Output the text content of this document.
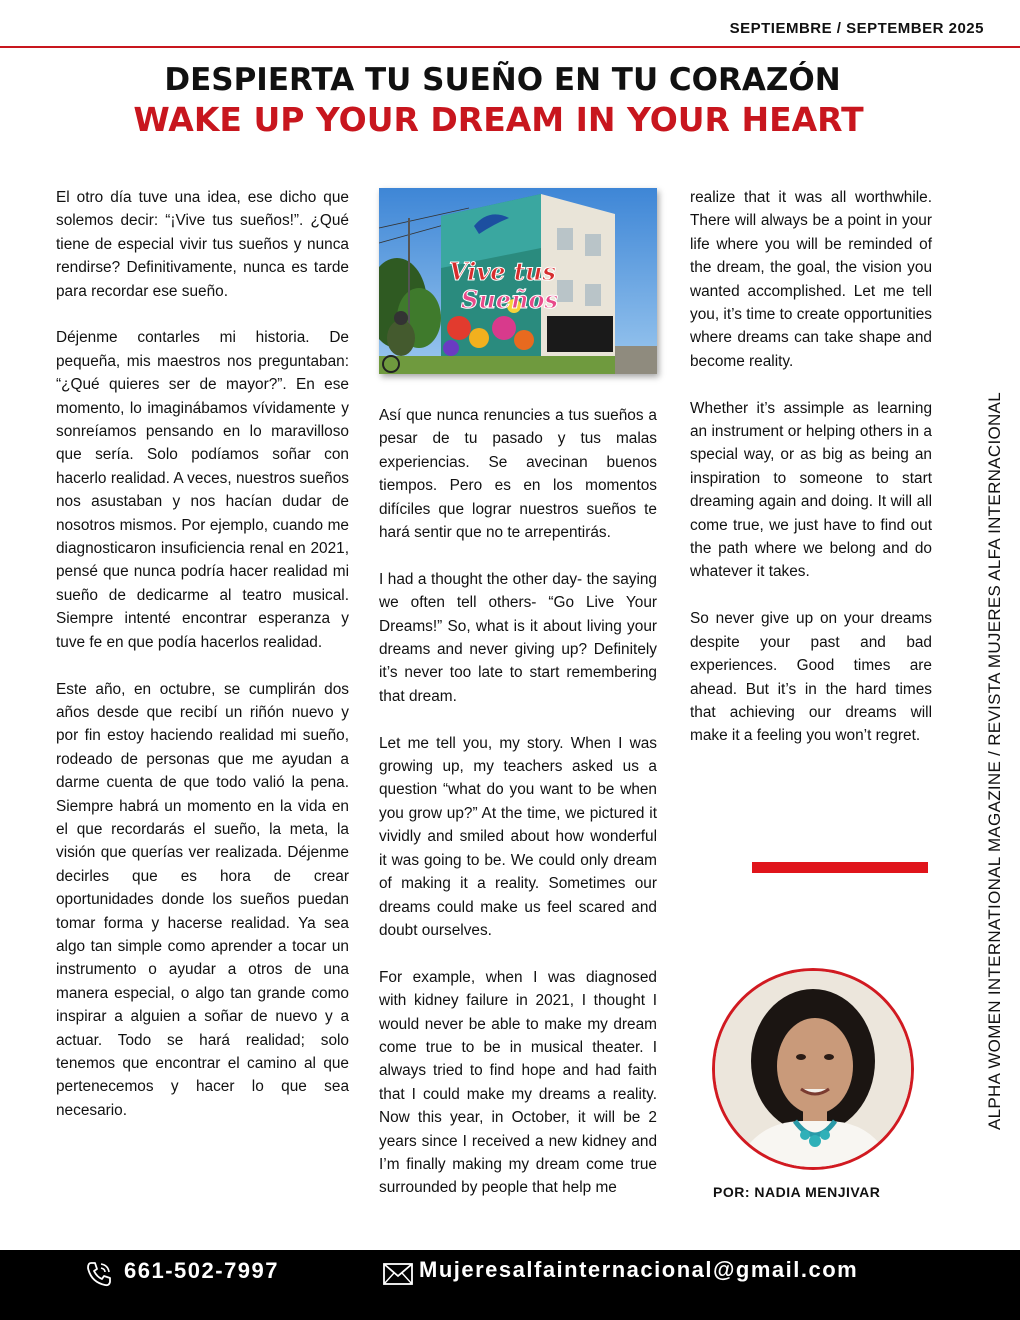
SEPTIEMBRE / SEPTEMBER 2025
DESPIERTA TU SUEÑO EN TU CORAZÓN
WAKE UP YOUR DREAM IN YOUR HEART

El otro día tuve una idea, ese dicho que solemos decir: “¡Vive tus sueños!”. ¿Qué tiene de especial vivir tus sueños y nunca rendirse? Definitivamente, nunca es tarde para recordar ese sueño.

Déjenme contarles mi historia. De pequeña, mis maestros nos preguntaban: “¿Qué quieres ser de mayor?”. En ese momento, lo imaginábamos vívidamente y sonreíamos pensando en lo maravilloso que sería. Solo podíamos soñar con hacerlo realidad. A veces, nuestros sueños nos asustaban y nos hacían dudar de nosotros mismos. Por ejemplo, cuando me diagnosticaron insuficiencia renal en 2021, pensé que nunca podría hacer realidad mi sueño de dedicarme al teatro musical. Siempre intenté encontrar esperanza y tuve fe en que podía hacerlos realidad.

Este año, en octubre, se cumplirán dos años desde que recibí un riñón nuevo y por fin estoy haciendo realidad mi sueño, rodeado de personas que me ayudan a darme cuenta de que todo valió la pena. Siempre habrá un momento en la vida en el que recordarás el sueño, la meta, la visión que querías ver realizada. Déjenme decirles que es hora de crear oportunidades donde los sueños puedan tomar forma y hacerse realidad. Ya sea algo tan simple como aprender a tocar un instrumento o ayudar a otros de una manera especial, o algo tan grande como inspirar a alguien a soñar de nuevo y a actuar. Todo se hará realidad; solo tenemos que encontrar el camino al que pertenecemos y hacer lo que sea necesario.

Vive tus
Sueños

Así que nunca renuncies a tus sueños a pesar de tu pasado y tus malas experiencias. Se avecinan buenos tiempos. Pero es en los momentos difíciles que lograr nuestros sueños te hará sentir que no te arrepentirás.

I had a thought the other day- the saying we often tell others- “Go Live Your Dreams!” So, what is it about living your dreams and never giving up? Definitely it’s never too late to start remembering that dream.

Let me tell you, my story. When I was growing up, my teachers asked us a question “what do you want to be when you grow up?” At the time, we pictured it vividly and smiled about how wonderful it was going to be. We could only dream of making it a reality. Sometimes our dreams could make us feel scared and doubt ourselves.

For example, when I was diagnosed with kidney failure in 2021, I thought I would never be able to make my dream come true to be in musical theater. I always tried to find hope and had faith that I could make my dreams a reality. Now this year, in October, it will be 2 years since I received a new kidney and I’m finally making my dream come true surrounded by people that help me

realize that it was all worthwhile. There will always be a point in your life where you will be reminded of the dream, the goal, the vision you wanted accomplished. Let me tell you, it’s time to create opportunities where dreams can take shape and become reality.

Whether it’s assimple as learning an instrument or helping others in a special way, or as big as being an inspiration to someone to start dreaming again and doing. It will all come true, we just have to find out the path where we belong and do whatever it takes.

So never give up on your dreams despite your past and bad experiences. Good times are ahead. But it’s in the hard times that achieving our dreams will make it a feeling you won’t regret.	ALPHA WOMEN INTERNATIONAL MAGAZINE / REVISTA MUJERES ALFA INTERNACIONAL
POR: NADIA MENJIVAR
661-502-7997	Mujeresalfainternacional@gmail.com
